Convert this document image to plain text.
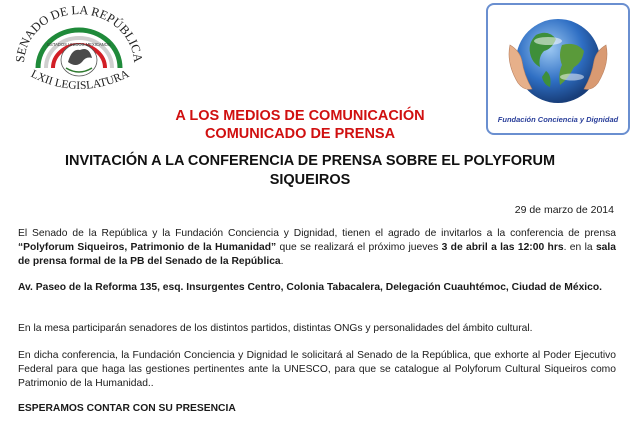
ESTADOS UNIDOS MEXICANOS
SENADO DE LA REPÚBLICA
LXII LEGISLATURA
Fundación Conciencia y Dignidad
A LOS MEDIOS DE COMUNICACIÓN
COMUNICADO DE PRENSA
INVITACIÓN A LA CONFERENCIA DE PRENSA SOBRE EL POLYFORUM
SIQUEIROS
29 de marzo de 2014
El Senado de la República y la Fundación Conciencia y Dignidad, tienen el agrado de invitarlos a la conferencia de prensa “Polyforum Siqueiros, Patrimonio de la Humanidad” que se realizará el próximo jueves 3 de abril a las 12:00 hrs. en la sala de prensa formal de la PB del Senado de la República.
Av. Paseo de la Reforma 135, esq. Insurgentes Centro, Colonia Tabacalera, Delegación Cuauhtémoc, Ciudad de México.
En la mesa participarán senadores de los distintos partidos, distintas ONGs y personalidades del ámbito cultural.
En dicha conferencia, la Fundación Conciencia y Dignidad le solicitará al Senado de la República, que exhorte al Poder Ejecutivo Federal para que haga las gestiones pertinentes ante la UNESCO, para que se catalogue al Polyforum Cultural Siqueiros como Patrimonio de la Humanidad..
ESPERAMOS CONTAR CON SU PRESENCIA
